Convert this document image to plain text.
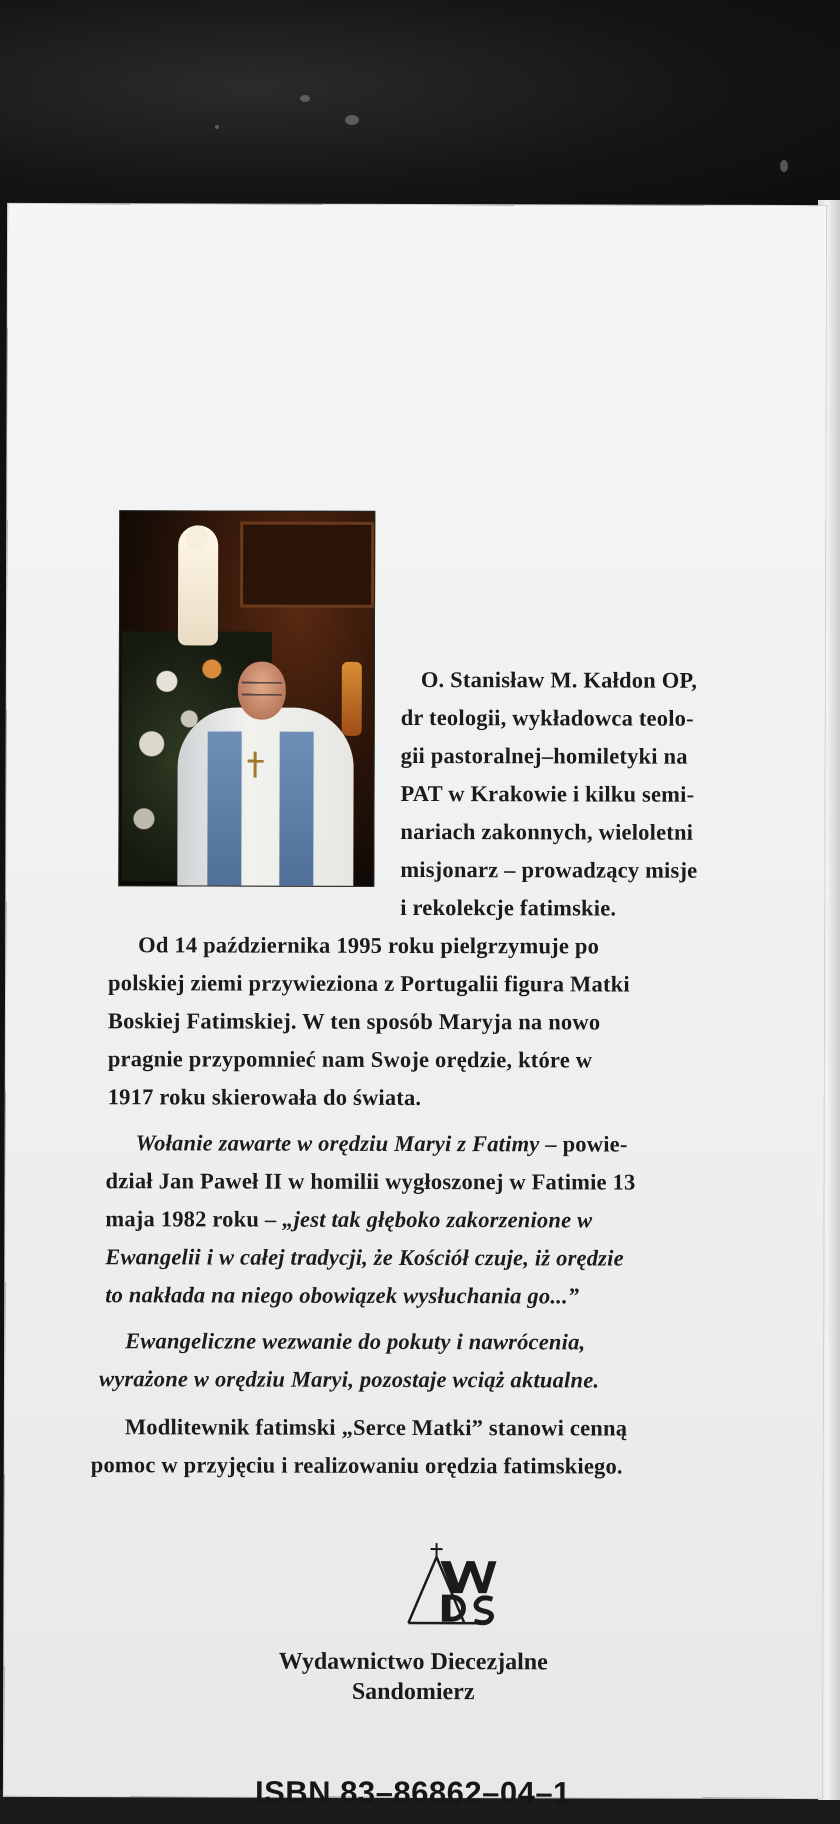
O. Stanisław M. Kałdon OP,
dr teologii, wykładowca teolo-
gii pastoralnej–homiletyki na
PAT w Krakowie i kilku semi-
nariach zakonnych, wieloletni
misjonarz – prowadzący misje
i rekolekcje fatimskie.
Od 14 października 1995 roku pielgrzymuje po
polskiej ziemi przywieziona z Portugalii figura Matki
Boskiej Fatimskiej. W ten sposób Maryja na nowo
pragnie przypomnieć nam Swoje orędzie, które w
1917 roku skierowała do świata.
Wołanie zawarte w orędziu Maryi z Fatimy – powie-
dział Jan Paweł II w homilii wygłoszonej w Fatimie 13
maja 1982 roku – „jest tak głęboko zakorzenione w
Ewangelii i w całej tradycji, że Kościół czuje, iż orędzie
to nakłada na niego obowiązek wysłuchania go...”
Ewangeliczne wezwanie do pokuty i nawrócenia,
wyrażone w orędziu Maryi, pozostaje wciąż aktualne.
Modlitewnik fatimski „Serce Matki” stanowi cenną
pomoc w przyjęciu i realizowaniu orędzia fatimskiego.
Wydawnictwo Diecezjalne
Sandomierz
ISBN 83–86862–04–1
